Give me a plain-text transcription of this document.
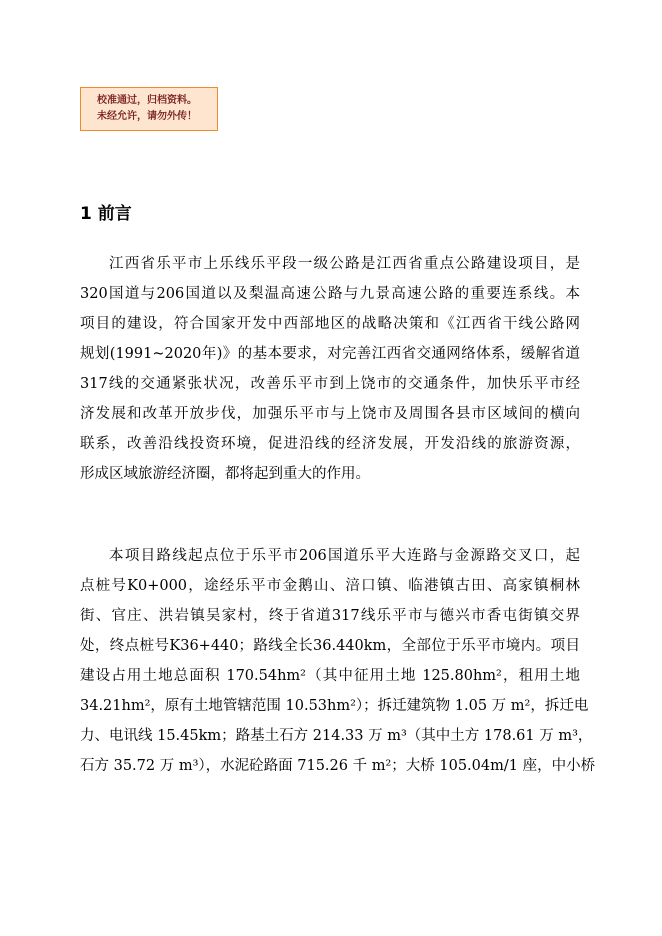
校准通过，归档资料。
未经允许，请勿外传！
1 前言
江西省乐平市上乐线乐平段一级公路是江西省重点公路建设项目，是
320国道与206国道以及梨温高速公路与九景高速公路的重要连系线。本
项目的建设，符合国家开发中西部地区的战略决策和《江西省干线公路网
规划(1991~2020年)》的基本要求，对完善江西省交通网络体系，缓解省道
317线的交通紧张状况，改善乐平市到上饶市的交通条件，加快乐平市经
济发展和改革开放步伐，加强乐平市与上饶市及周围各县市区域间的横向
联系，改善沿线投资环境，促进沿线的经济发展，开发沿线的旅游资源，
形成区域旅游经济圈，都将起到重大的作用。
本项目路线起点位于乐平市206国道乐平大连路与金源路交叉口，起
点桩号K0+000，途经乐平市金鹅山、涪口镇、临港镇古田、高家镇桐林
街、官庄、洪岩镇吴家村，终于省道317线乐平市与德兴市香屯街镇交界
处，终点桩号K36+440；路线全长36.440km，全部位于乐平市境内。项目
建设占用土地总面积 170.54hm²（其中征用土地 125.80hm²，租用土地
34.21hm²，原有土地管辖范围 10.53hm²）；拆迁建筑物 1.05 万 m²，拆迁电
力、电讯线 15.45km；路基土石方 214.33 万 m³（其中土方 178.61 万 m³，
石方 35.72 万 m³），水泥砼路面 715.26 千 m²；大桥 105.04m/1 座，中小桥
